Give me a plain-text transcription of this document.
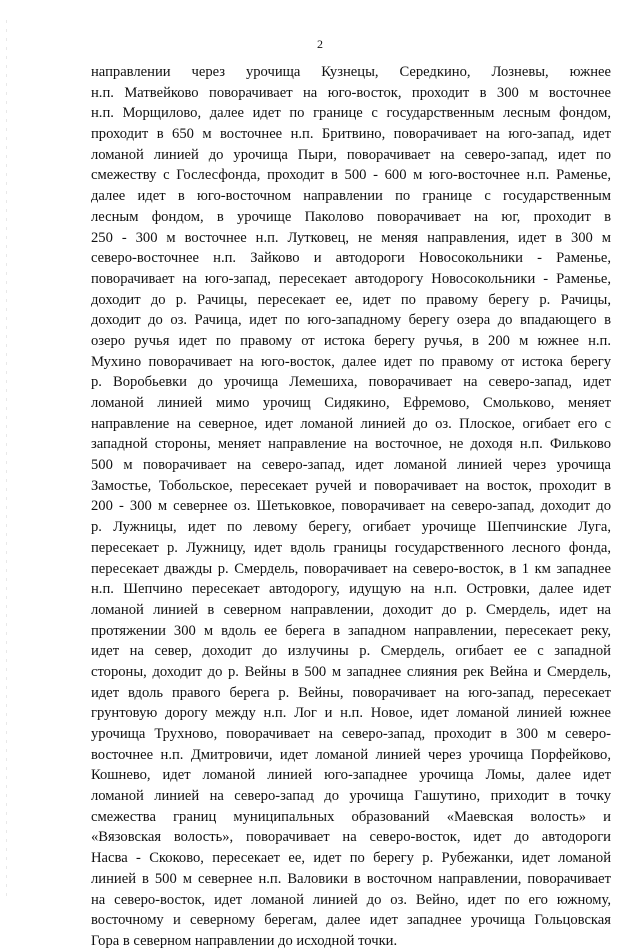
2
направлении через урочища Кузнецы, Середкино, Лозневы, южнее
н.п. Матвейково поворачивает на юго-восток, проходит в 300 м восточнее
н.п. Морщилово, далее идет по границе с государственным лесным фондом,
проходит в 650 м восточнее н.п. Бритвино, поворачивает на юго-запад, идет
ломаной линией до урочища Пыри, поворачивает на северо-запад, идет по
смежеству с Гослесфонда, проходит в 500 - 600 м юго-восточнее н.п. Раменье,
далее идет в юго-восточном направлении по границе с государственным
лесным фондом, в урочище Паколово поворачивает на юг, проходит в
250 - 300 м восточнее н.п. Лутковец, не меняя направления, идет в 300 м
северо-восточнее н.п. Зайково и автодороги Новосокольники - Раменье,
поворачивает на юго-запад, пересекает автодорогу Новосокольники - Раменье,
доходит до р. Рачицы, пересекает ее, идет по правому берегу р. Рачицы,
доходит до оз. Рачица, идет по юго-западному берегу озера до впадающего в
озеро ручья идет по правому от истока берегу ручья, в 200 м южнее н.п.
Мухино поворачивает на юго-восток, далее идет по правому от истока берегу
р. Воробьевки до урочища Лемешиха, поворачивает на северо-запад, идет
ломаной линией мимо урочищ Сидякино, Ефремово, Смольково, меняет
направление на северное, идет ломаной линией до оз. Плоское, огибает его с
западной стороны, меняет направление на восточное, не доходя н.п. Фильково
500 м поворачивает на северо-запад, идет ломаной линией через урочища
Замостье, Тобольское, пересекает ручей и поворачивает на восток, проходит в
200 - 300 м севернее оз. Шетьковкое, поворачивает на северо-запад, доходит до
р. Лужницы, идет по левому берегу, огибает урочище Шепчинские Луга,
пересекает р. Лужницу, идет вдоль границы государственного лесного фонда,
пересекает дважды р. Смердель, поворачивает на северо-восток, в 1 км западнее
н.п. Шепчино пересекает автодорогу, идущую на н.п. Островки, далее идет
ломаной линией в северном направлении, доходит до р. Смердель, идет на
протяжении 300 м вдоль ее берега в западном направлении, пересекает реку,
идет на север, доходит до излучины р. Смердель, огибает ее с западной
стороны, доходит до р. Вейны в 500 м западнее слияния рек Вейна и Смердель,
идет вдоль правого берега р. Вейны, поворачивает на юго-запад, пересекает
грунтовую дорогу между н.п. Лог и н.п. Новое, идет ломаной линией южнее
урочища Трухново, поворачивает на северо-запад, проходит в 300 м северо-
восточнее н.п. Дмитровичи, идет ломаной линией через урочища Порфейково,
Кошнево, идет ломаной линией юго-западнее урочища Ломы, далее идет
ломаной линией на северо-запад до урочища Гашутино, приходит в точку
смежества границ муниципальных образований «Маевская волость» и
«Вязовская волость», поворачивает на северо-восток, идет до автодороги
Насва - Скоково, пересекает ее, идет по берегу р. Рубежанки, идет ломаной
линией в 500 м севернее н.п. Валовики в восточном направлении, поворачивает
на северо-восток, идет ломаной линией до оз. Вейно, идет по его южному,
восточному и северному берегам, далее идет западнее урочища Гольцовская
Гора в северном направлении до исходной точки.
